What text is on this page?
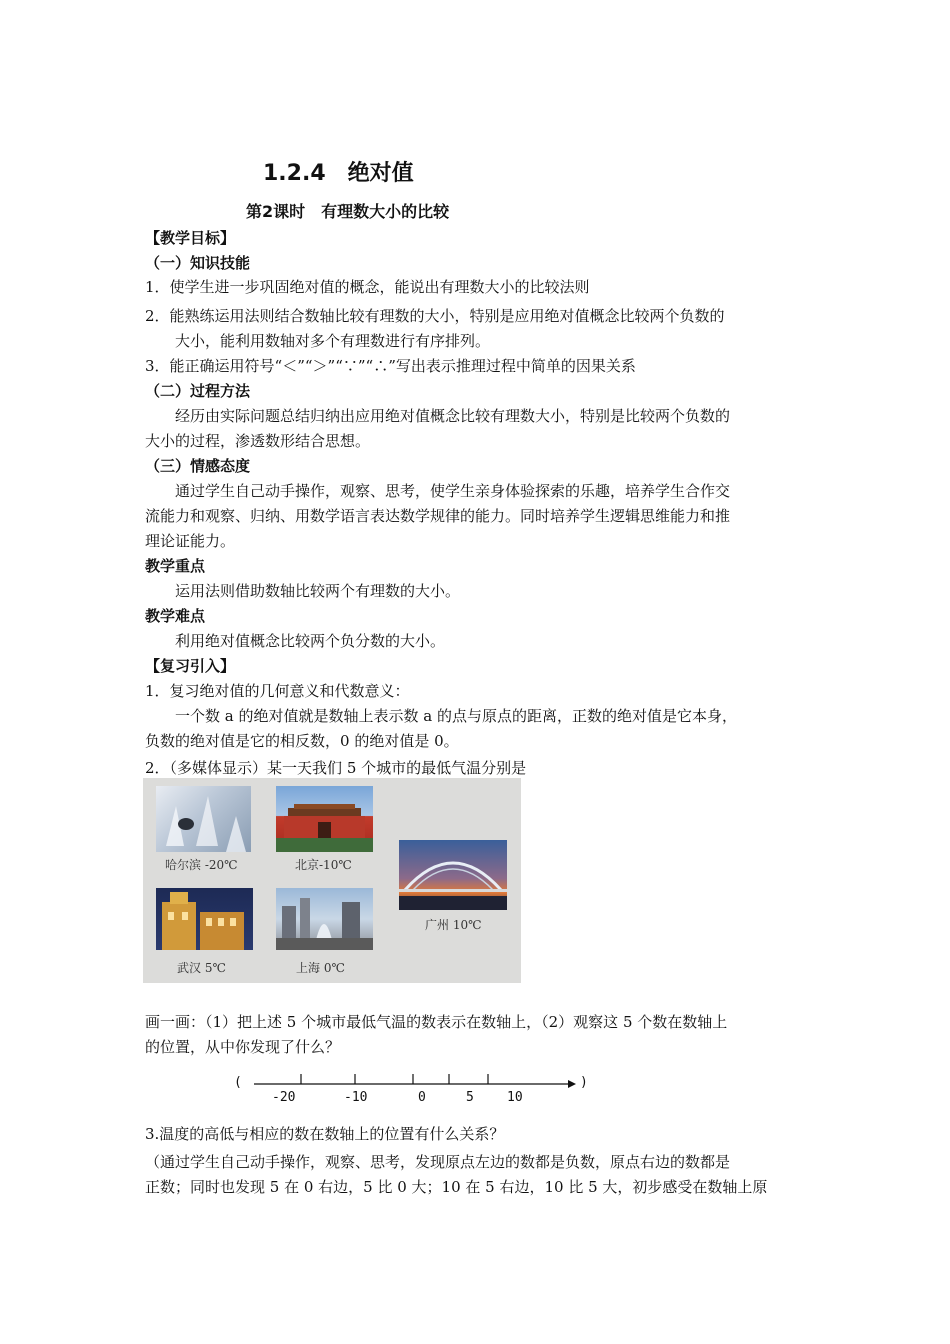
1.2.4　绝对值
第2课时　有理数大小的比较
【教学目标】
（一）知识技能
1．使学生进一步巩固绝对值的概念，能说出有理数大小的比较法则
2．能熟练运用法则结合数轴比较有理数的大小，特别是应用绝对值概念比较两个负数的
大小，能利用数轴对多个有理数进行有序排列。
3．能正确运用符号“＜”“＞”“∵”“∴”写出表示推理过程中简单的因果关系
（二）过程方法
经历由实际问题总结归纳出应用绝对值概念比较有理数大小，特别是比较两个负数的
大小的过程，渗透数形结合思想。
（三）情感态度
通过学生自己动手操作，观察、思考，使学生亲身体验探索的乐趣，培养学生合作交
流能力和观察、归纳、用数学语言表达数学规律的能力。同时培养学生逻辑思维能力和推
理论证能力。
教学重点
运用法则借助数轴比较两个有理数的大小。
教学难点
利用绝对值概念比较两个负分数的大小。
【复习引入】
1．复习绝对值的几何意义和代数意义：
一个数 a 的绝对值就是数轴上表示数 a 的点与原点的距离，正数的绝对值是它本身，
负数的绝对值是它的相反数，0 的绝对值是 0。
2．（多媒体显示）某一天我们 5 个城市的最低气温分别是
哈尔滨 -20℃	北京-10℃
广州 10℃
武汉 5℃	上海 0℃
画一画：（1）把上述 5 个城市最低气温的数表示在数轴上，（2）观察这 5 个数在数轴上
的位置，从中你发现了什么？
(
-20	-10	0	5	10
)
3.温度的高低与相应的数在数轴上的位置有什么关系？
（通过学生自己动手操作，观察、思考，发现原点左边的数都是负数，原点右边的数都是
正数；同时也发现 5 在 0 右边，5 比 0 大；10 在 5 右边，10 比 5 大，初步感受在数轴上原
